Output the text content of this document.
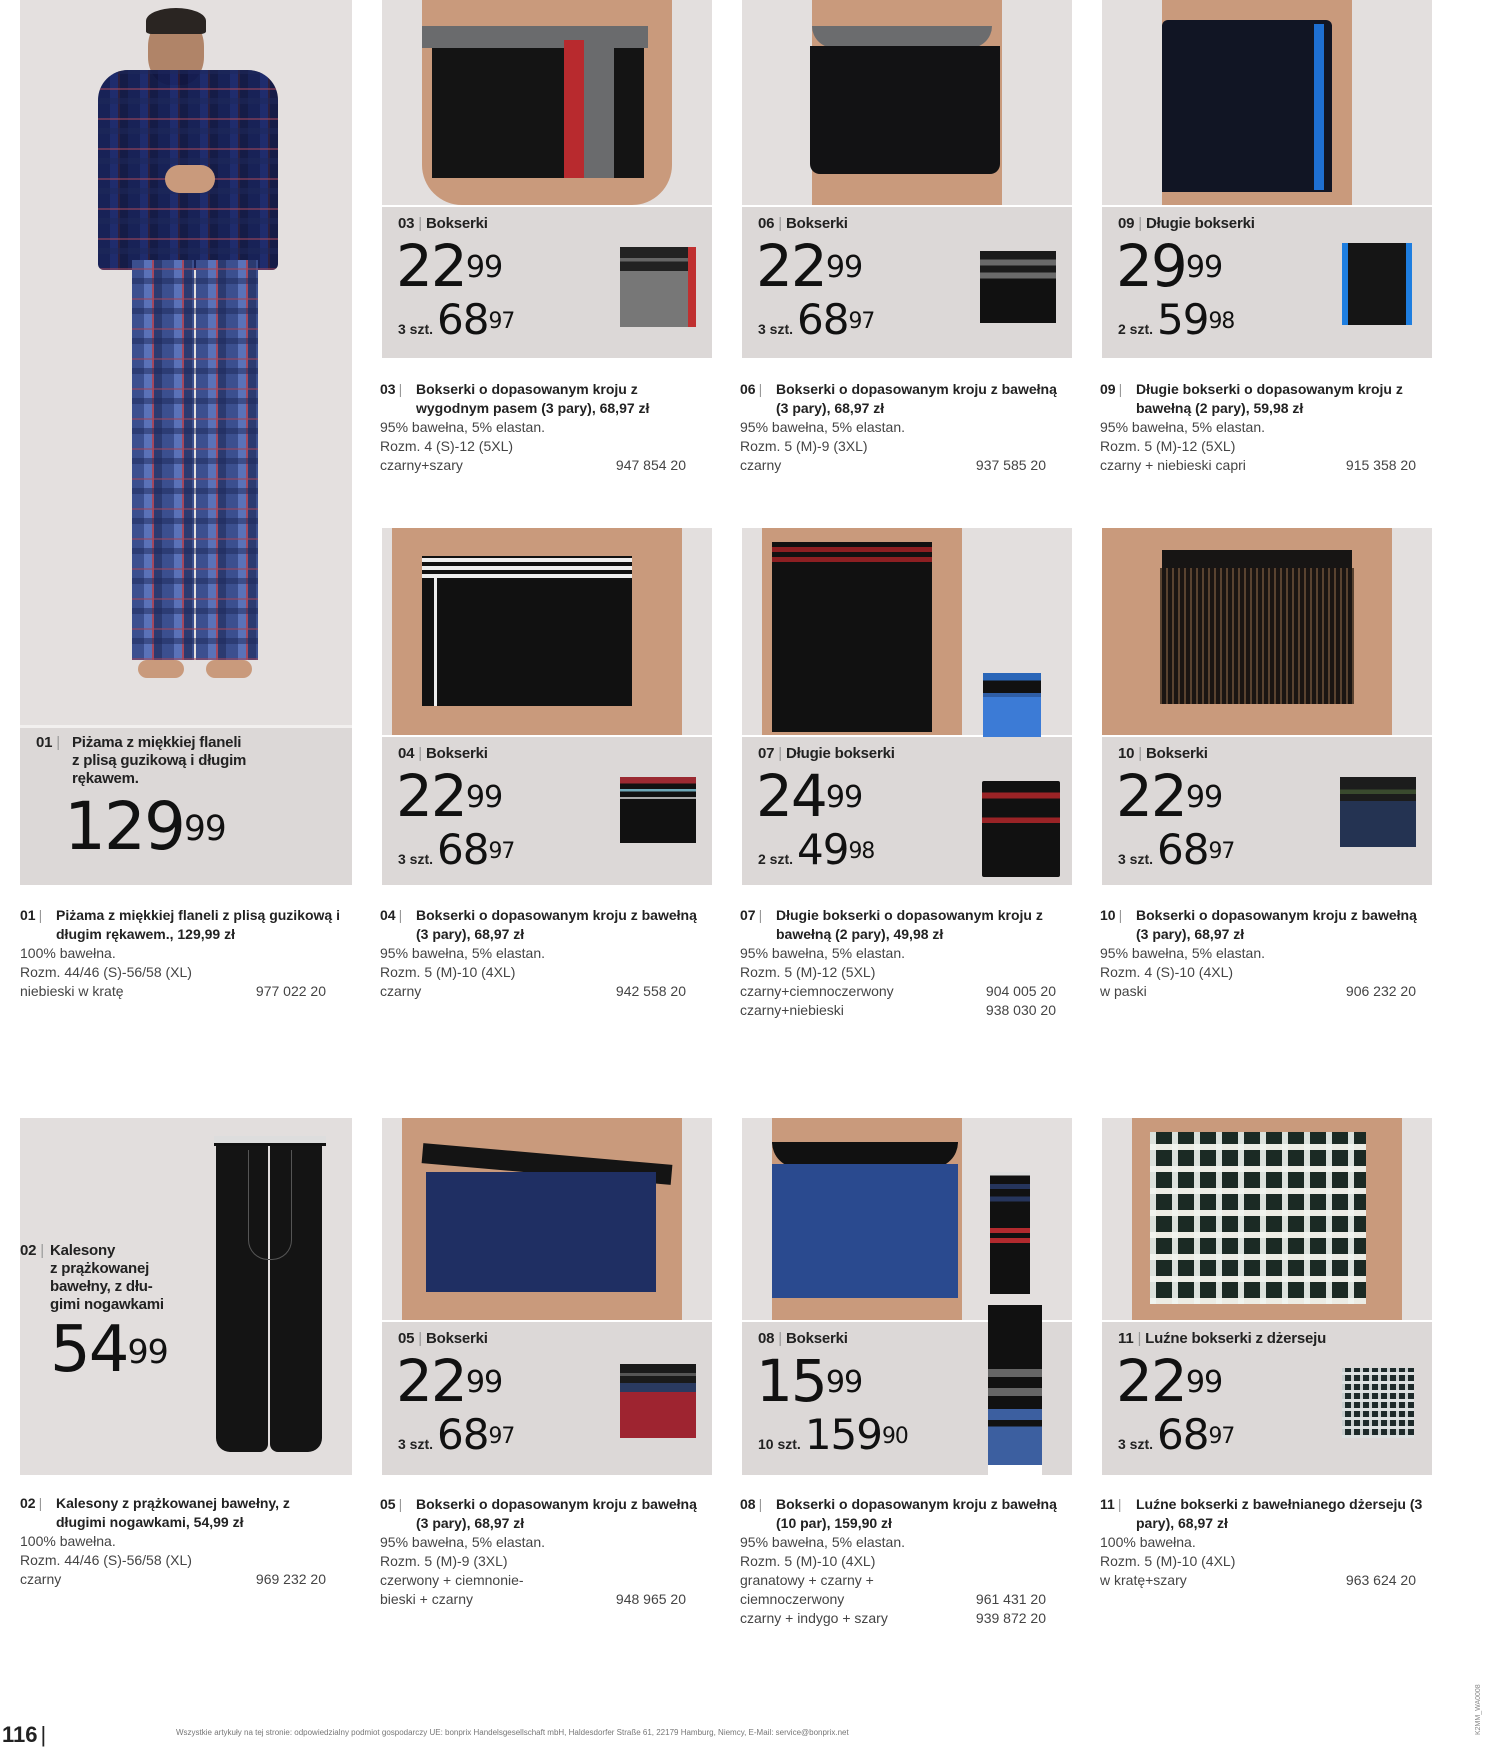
01 | Piżama z miękkiej flaneli
z plisą guzikową i długim
rękawem.
$129^{99}$
01 | Piżama z miękkiej flaneli z plisą guzikową i długim rękawem., 129,99 zł
100% bawełna.
Rozm. 44/46 (S)-56/58 (XL)
niebieski w kratę	977 022 20
02 | Kalesony
z prążkowanej
bawełny, z dłu-
gimi nogawkami
$54^{99}$
02 | Kalesony z prążkowanej bawełny, z długimi nogawkami, 54,99 zł
100% bawełna.
Rozm. 44/46 (S)-56/58 (XL)
czarny	969 232 20
03 | Bokserki
$22^{99}$
3 $szt.68^{97}$
03 | Bokserki o dopasowanym kroju z wygodnym pasem (3 pary), 68,97 zł
95% bawełna, 5% elastan.
Rozm. 4 (S)-12 (5XL)
czarny+szary	947 854 20
06 | Bokserki
$22^{99}$
3 $szt.68^{97}$
06 | Bokserki o dopasowanym kroju z bawełną (3 pary), 68,97 zł
95% bawełna, 5% elastan.
Rozm. 5 (M)-9 (3XL)
czarny	937 585 20
09 | Długie bokserki
$29^{99}$
2 $szt.59^{98}$
09 | Długie bokserki o dopasowanym kroju z bawełną (2 pary), 59,98 zł
95% bawełna, 5% elastan.
Rozm. 5 (M)-12 (5XL)
czarny + niebieski capri	915 358 20
04 | Bokserki
$22^{99}$
3 $szt.68^{97}$
04 | Bokserki o dopasowanym kroju z bawełną (3 pary), 68,97 zł
95% bawełna, 5% elastan.
Rozm. 5 (M)-10 (4XL)
czarny	942 558 20
07 | Długie bokserki
$24^{99}$
2 $szt.49^{98}$
07 | Długie bokserki o dopasowanym kroju z bawełną (2 pary), 49,98 zł
95% bawełna, 5% elastan.
Rozm. 5 (M)-12 (5XL)
czarny+ciemnoczerwony	904 005 20
czarny+niebieski	938 030 20
10 | Bokserki
$22^{99}$
3 $szt.68^{97}$
10 | Bokserki o dopasowanym kroju z bawełną (3 pary), 68,97 zł
95% bawełna, 5% elastan.
Rozm. 4 (S)-10 (4XL)
w paski	906 232 20
05 | Bokserki
$22^{99}$
3 $szt.68^{97}$
05 | Bokserki o dopasowanym kroju z bawełną (3 pary), 68,97 zł
95% bawełna, 5% elastan.
Rozm. 5 (M)-9 (3XL)
czerwony + ciemnonie-
bieski + czarny	948 965 20
08 | Bokserki
$15^{99}$
10 szt.159$^{90}$
08 | Bokserki o dopasowanym kroju z bawełną (10 par), 159,90 zł
95% bawełna, 5% elastan.
Rozm. 5 (M)-10 (4XL)
granatowy + czarny +
ciemnoczerwony	961 431 20
czarny + indygo + szary	939 872 20
11 | Luźne bokserki z dżerseju
$22^{99}$
3 $szt.68^{97}$
11 |	Luźne bokserki z bawełnianego dżerseju (3 pary), 68,97 zł
100% bawełna.
Rozm. 5 (M)-10 (4XL)
w kratę+szary	963 624 20
116 |	Wszystkie artykuły na tej stronie: odpowiedzialny podmiot gospodarczy UE: bonprix Handelsgesellschaft mbH, Haldesdorfer Straße 61, 22179 Hamburg, Niemcy, E-Mail: service@bonprix.net	K2MM_WA0008
